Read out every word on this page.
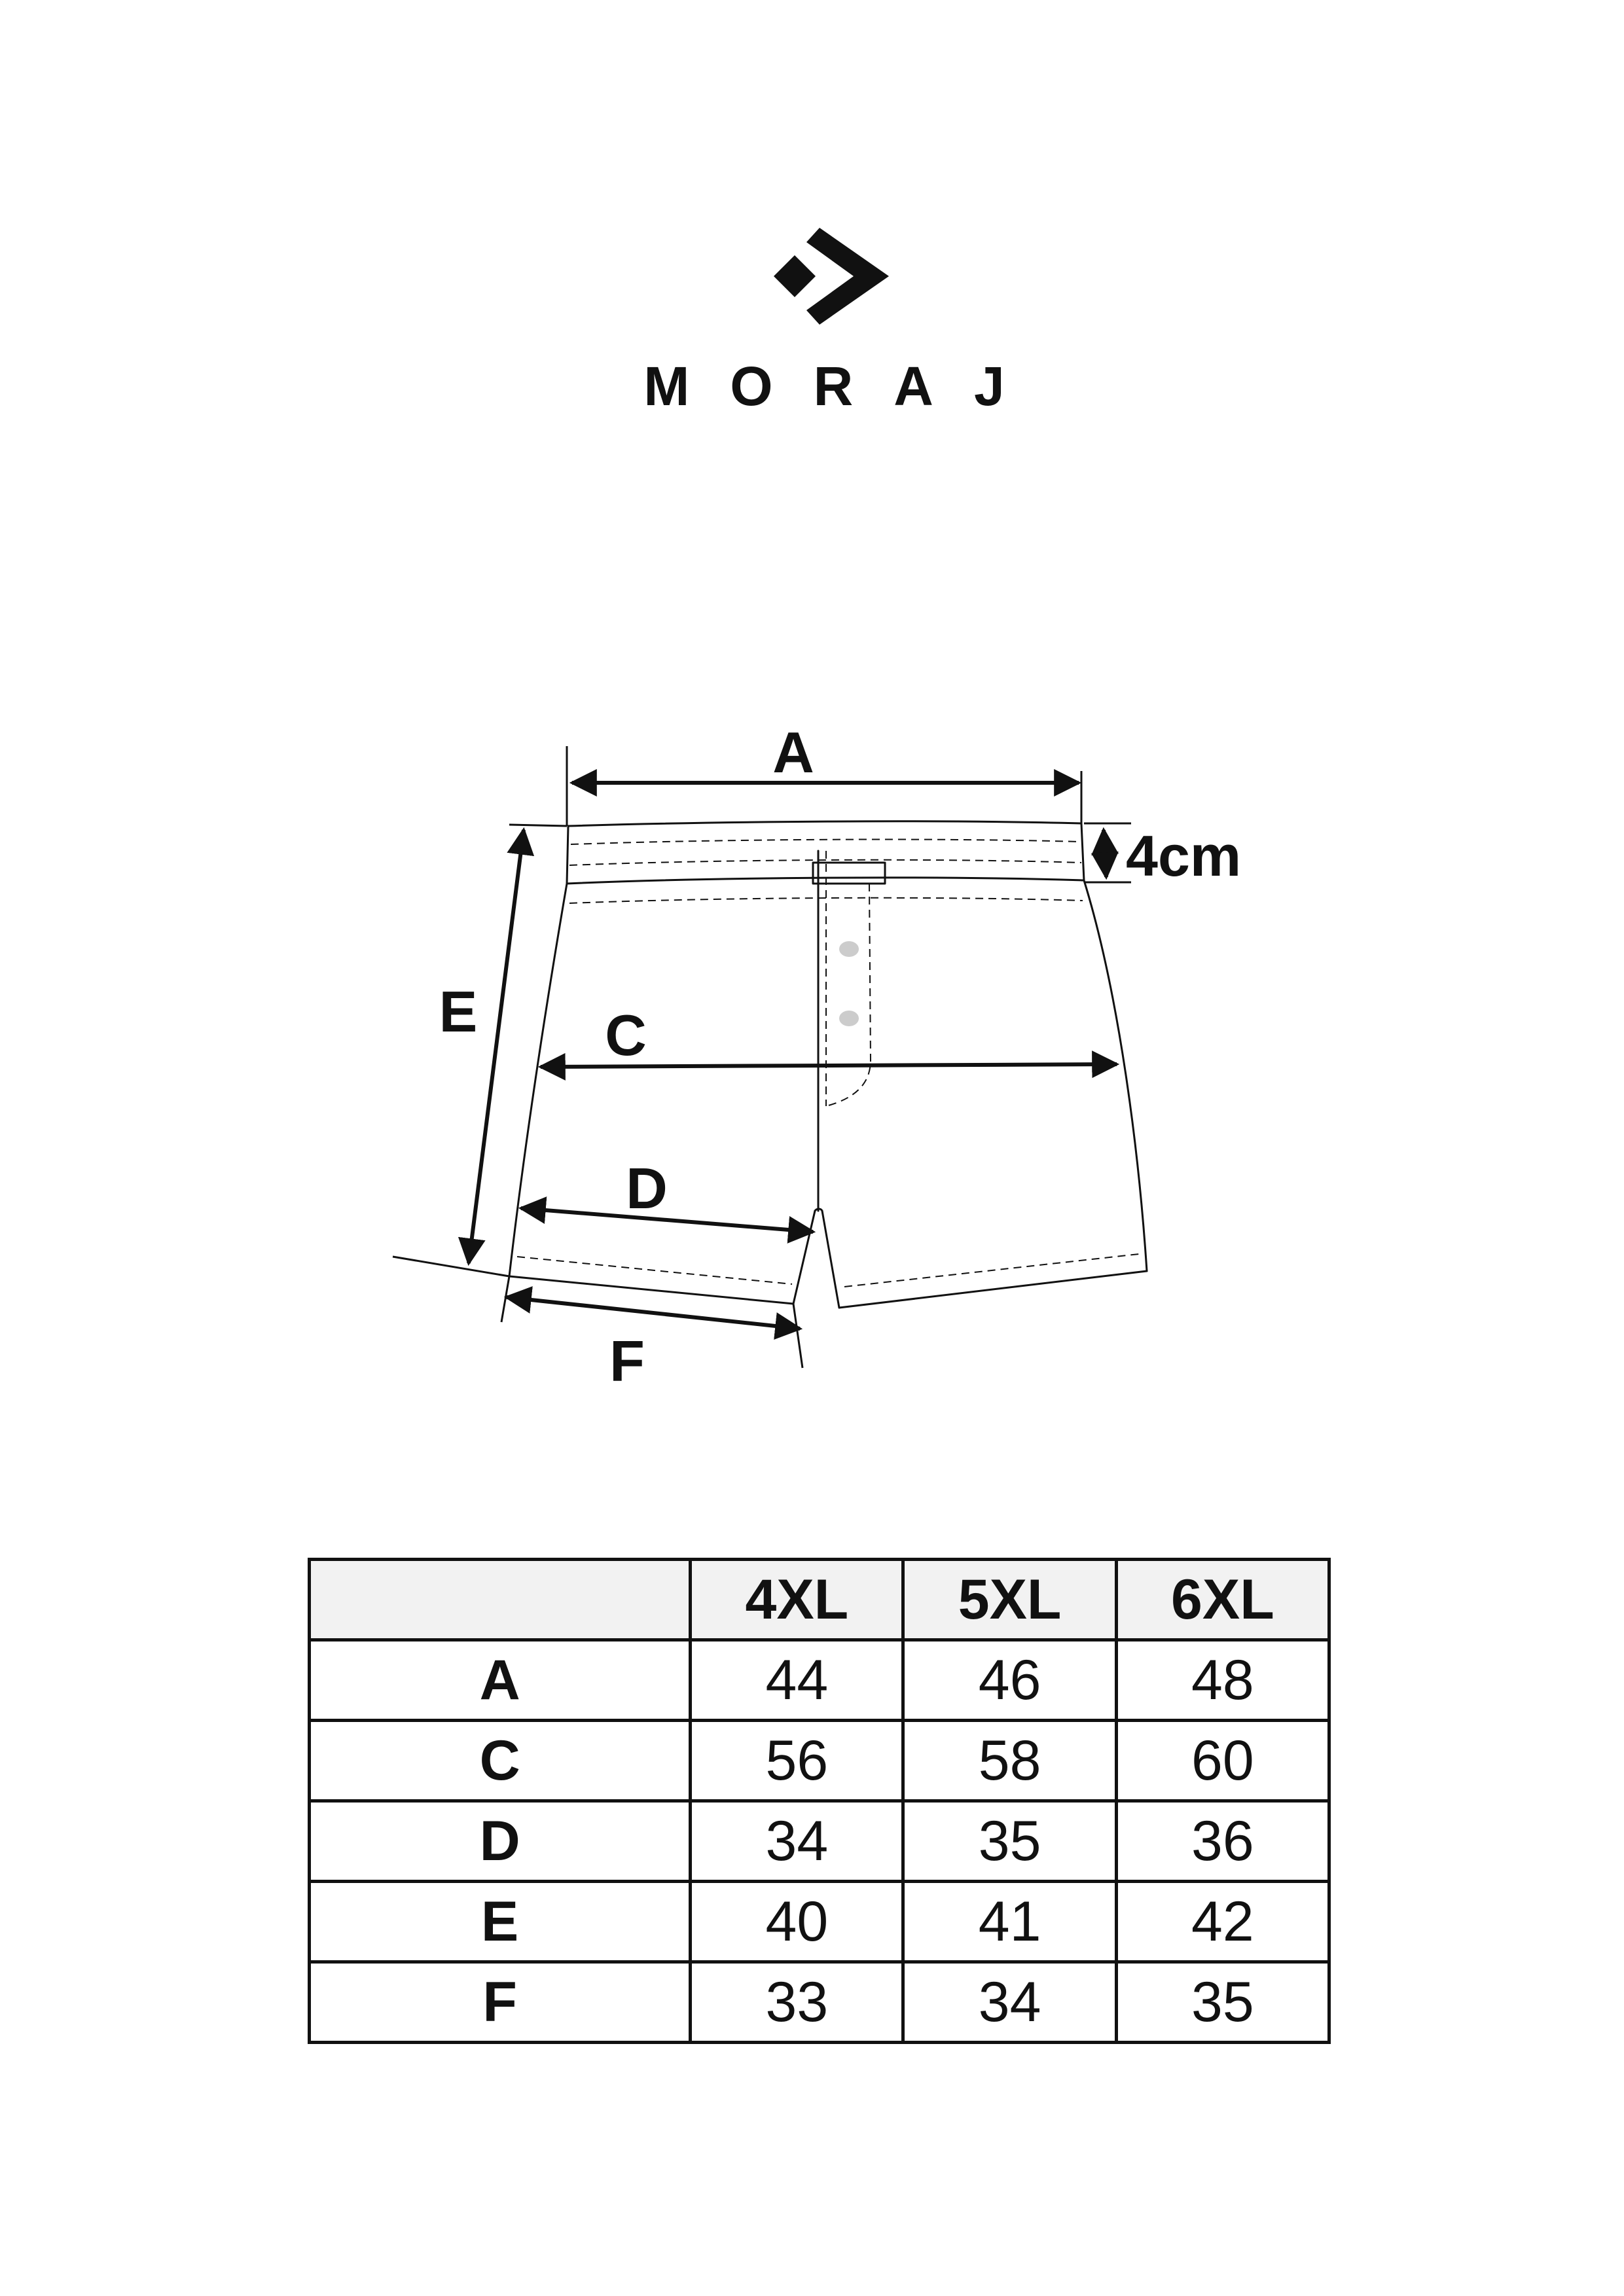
MORAJ
A
4cm
E C
D
F
	4XL	5XL	6XL
A	44	46	48
C	56	58	60
D	34	35	36
E	40	41	42
F	33	34	35
